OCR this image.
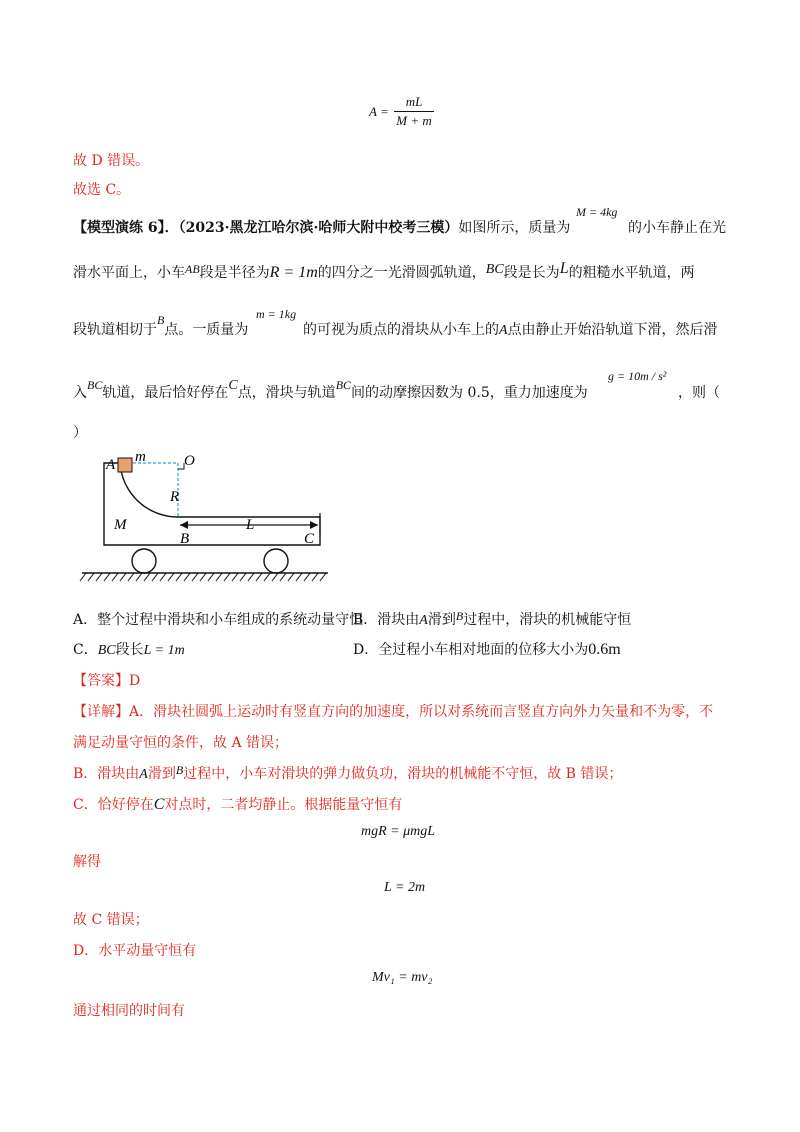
A =
mL
M + m
故 D 错误。
故选 C。
【模型演练 6】．（2023·黑龙江哈尔滨·哈师大附中校考三模）如图所示，质量为
M = 4kg
的小车静止在光
滑水平面上，小车AB段是半径为R = 1m的四分之一光滑圆弧轨道，BC段是长为L的粗糙水平轨道，两
段轨道相切于B点。一质量为
m = 1kg
的可视为质点的滑块从小车上的A点由静止开始沿轨道下滑，然后滑
入BC轨道，最后恰好停在C点，滑块与轨道BC间的动摩擦因数为 0.5，重力加速度为
g = 10m / s²
，则（
）
A m	O
R
M	L
B	C
A．整个过程中滑块和小车组成的系统动量守恒
B．滑块由A滑到B过程中，滑块的机械能守恒
C．BC段长L = 1m	D．全过程小车相对地面的位移大小为0.6m
【答案】D
【详解】A．滑块社圆弧上运动时有竖直方向的加速度，所以对系统而言竖直方向外力矢量和不为零，不
满足动量守恒的条件，故 A 错误；
B．滑块由A滑到B过程中，小车对滑块的弹力做负功，滑块的机械能不守恒，故 B 错误；
C．恰好停在C对点时，二者均静止。根据能量守恒有
mgR = μmgL
解得
L = 2m
故 C 错误；
D．水平动量守恒有
Mv₁ = mv₂
通过相同的时间有
